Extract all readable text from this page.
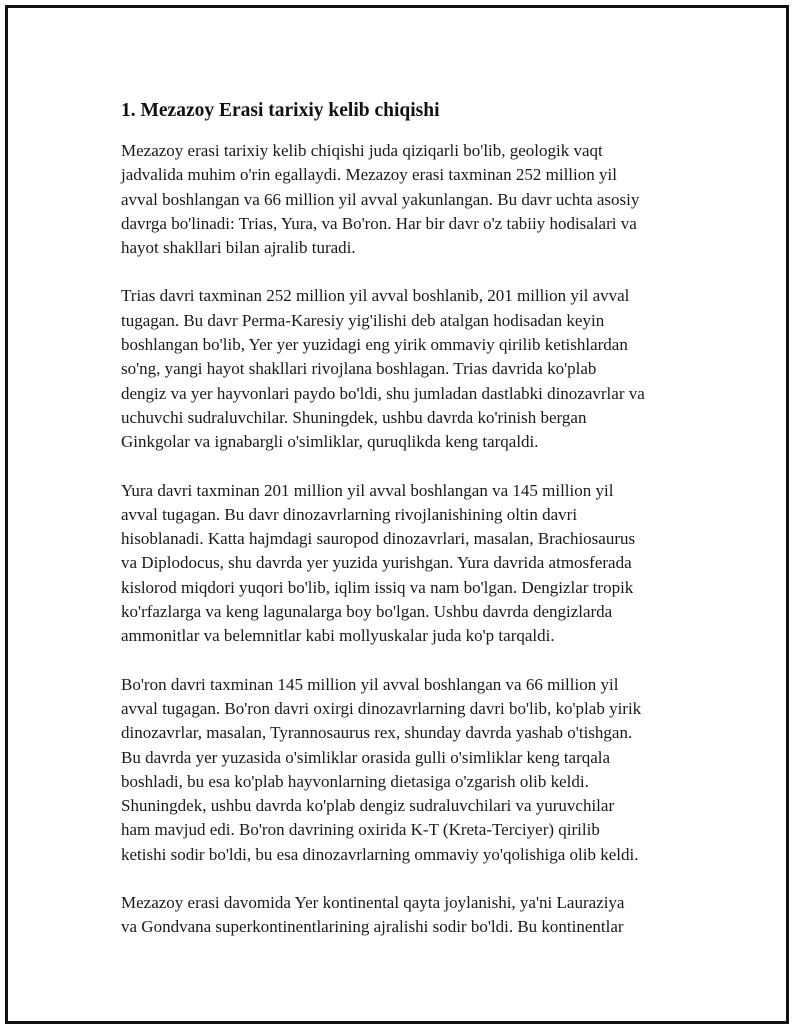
1. Mezazoy Erasi tarixiy kelib chiqishi

Mezazoy erasi tarixiy kelib chiqishi juda qiziqarli bo'lib, geologik vaqt
jadvalida muhim o'rin egallaydi. Mezazoy erasi taxminan 252 million yil
avval boshlangan va 66 million yil avval yakunlangan. Bu davr uchta asosiy
davrga bo'linadi: Trias, Yura, va Bo'ron. Har bir davr o'z tabiiy hodisalari va
hayot shakllari bilan ajralib turadi.

Trias davri taxminan 252 million yil avval boshlanib, 201 million yil avval
tugagan. Bu davr Perma-Karesiy yig'ilishi deb atalgan hodisadan keyin
boshlangan bo'lib, Yer yer yuzidagi eng yirik ommaviy qirilib ketishlardan
so'ng, yangi hayot shakllari rivojlana boshlagan. Trias davrida ko'plab
dengiz va yer hayvonlari paydo bo'ldi, shu jumladan dastlabki dinozavrlar va
uchuvchi sudraluvchilar. Shuningdek, ushbu davrda ko'rinish bergan
Ginkgolar va ignabargli o'simliklar, quruqlikda keng tarqaldi.

Yura davri taxminan 201 million yil avval boshlangan va 145 million yil
avval tugagan. Bu davr dinozavrlarning rivojlanishining oltin davri
hisoblanadi. Katta hajmdagi sauropod dinozavrlari, masalan, Brachiosaurus
va Diplodocus, shu davrda yer yuzida yurishgan. Yura davrida atmosferada
kislorod miqdori yuqori bo'lib, iqlim issiq va nam bo'lgan. Dengizlar tropik
ko'rfazlarga va keng lagunalarga boy bo'lgan. Ushbu davrda dengizlarda
ammonitlar va belemnitlar kabi mollyuskalar juda ko'p tarqaldi.

Bo'ron davri taxminan 145 million yil avval boshlangan va 66 million yil
avval tugagan. Bo'ron davri oxirgi dinozavrlarning davri bo'lib, ko'plab yirik
dinozavrlar, masalan, Tyrannosaurus rex, shunday davrda yashab o'tishgan.
Bu davrda yer yuzasida o'simliklar orasida gulli o'simliklar keng tarqala
boshladi, bu esa ko'plab hayvonlarning dietasiga o'zgarish olib keldi.
Shuningdek, ushbu davrda ko'plab dengiz sudraluvchilari va yuruvchilar
ham mavjud edi. Bo'ron davrining oxirida K-T (Kreta-Terciyer) qirilib
ketishi sodir bo'ldi, bu esa dinozavrlarning ommaviy yo'qolishiga olib keldi.

Mezazoy erasi davomida Yer kontinental qayta joylanishi, ya'ni Lauraziya
va Gondvana superkontinentlarining ajralishi sodir bo'ldi. Bu kontinentlar
